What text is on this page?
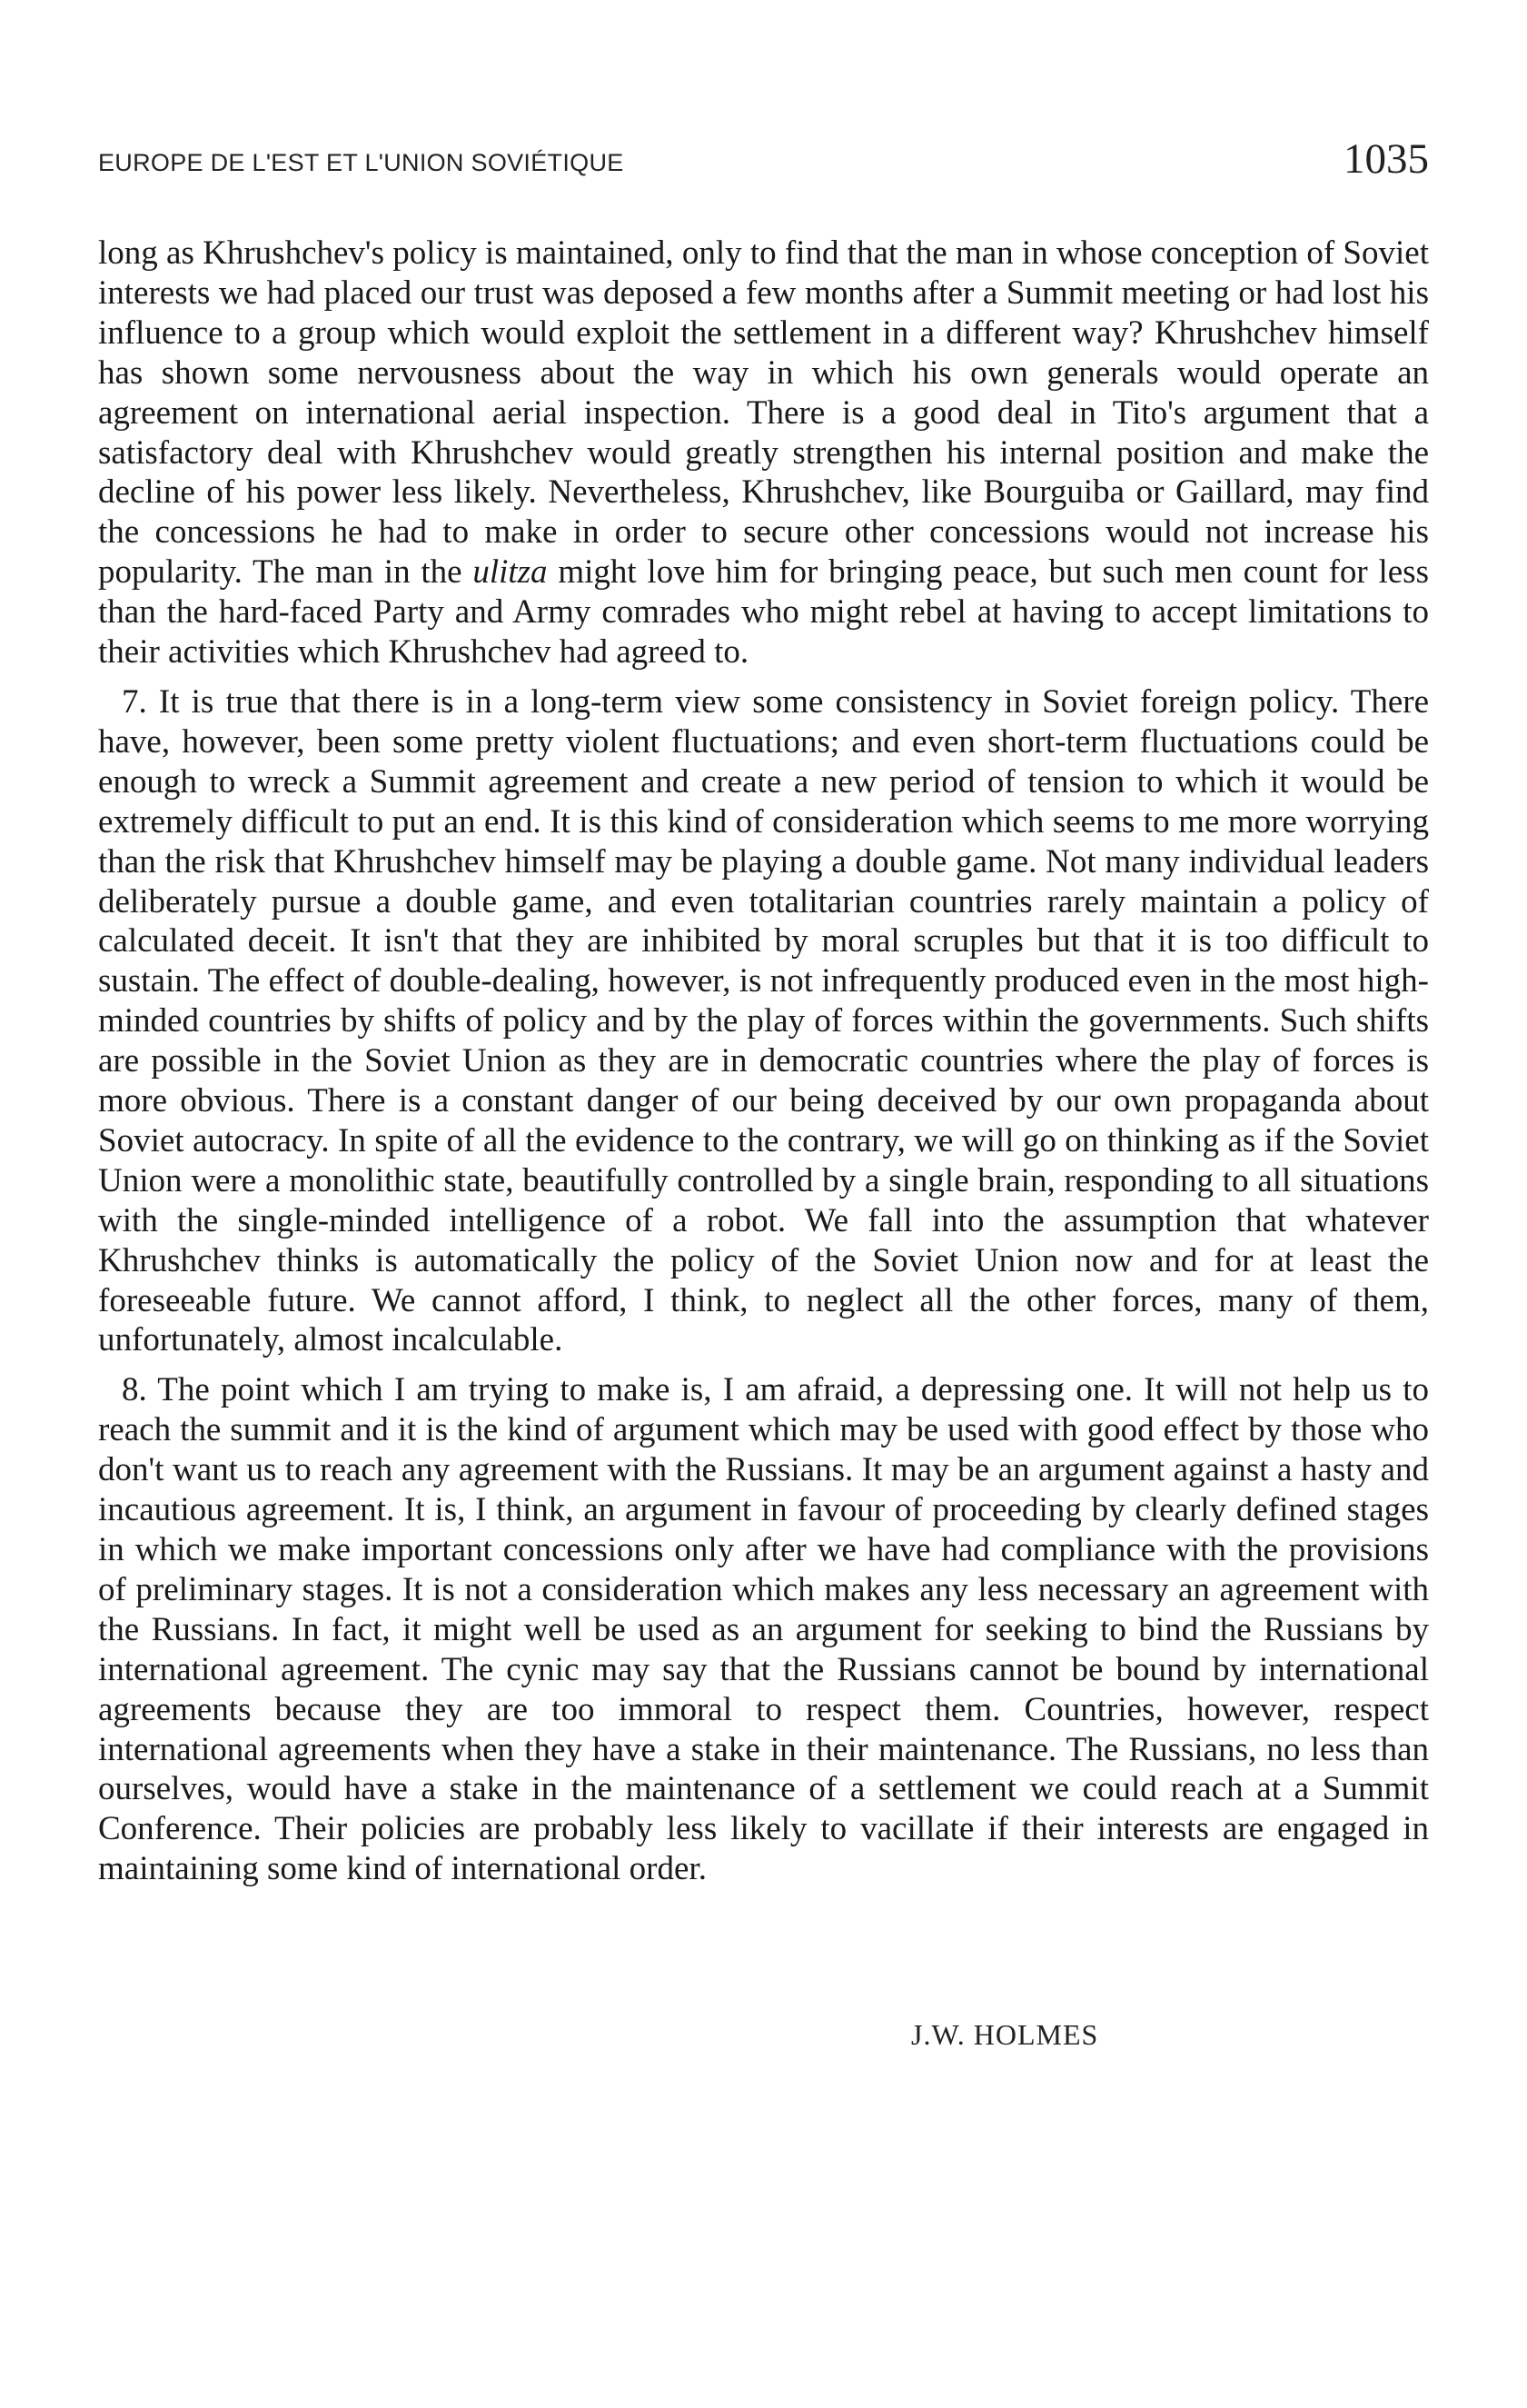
EUROPE DE L'EST ET L'UNION SOVIÉTIQUE	1035

long as Khrushchev's policy is maintained, only to find that the man in whose conception of Soviet interests we had placed our trust was deposed a few months after a Summit meeting or had lost his influence to a group which would exploit the settlement in a different way? Khrushchev himself has shown some nervousness about the way in which his own generals would operate an agreement on international aerial inspection. There is a good deal in Tito's argument that a satisfactory deal with Khrushchev would greatly strengthen his internal position and make the decline of his power less likely. Nevertheless, Khrushchev, like Bourguiba or Gaillard, may find the concessions he had to make in order to secure other concessions would not increase his popularity. The man in the ulitza might love him for bringing peace, but such men count for less than the hard-faced Party and Army comrades who might rebel at having to accept limitations to their activities which Khrushchev had agreed to.

7. It is true that there is in a long-term view some consistency in Soviet foreign policy. There have, however, been some pretty violent fluctuations; and even short-term fluctuations could be enough to wreck a Summit agreement and create a new period of tension to which it would be extremely difficult to put an end. It is this kind of consideration which seems to me more worrying than the risk that Khrushchev himself may be playing a double game. Not many individual leaders deliberately pursue a double game, and even totalitarian countries rarely maintain a policy of calculated deceit. It isn't that they are inhibited by moral scruples but that it is too difficult to sustain. The effect of double-dealing, however, is not infrequently produced even in the most high-minded countries by shifts of policy and by the play of forces within the governments. Such shifts are possible in the Soviet Union as they are in democratic countries where the play of forces is more obvious. There is a constant danger of our being deceived by our own propaganda about Soviet autocracy. In spite of all the evidence to the contrary, we will go on thinking as if the Soviet Union were a monolithic state, beautifully controlled by a single brain, responding to all situations with the single-minded intelligence of a robot. We fall into the assumption that whatever Khrushchev thinks is automatically the policy of the Soviet Union now and for at least the foreseeable future. We cannot afford, I think, to neglect all the other forces, many of them, unfortunately, almost incalculable.

8. The point which I am trying to make is, I am afraid, a depressing one. It will not help us to reach the summit and it is the kind of argument which may be used with good effect by those who don't want us to reach any agreement with the Russians. It may be an argument against a hasty and incautious agreement. It is, I think, an argument in favour of proceeding by clearly defined stages in which we make important concessions only after we have had compliance with the provisions of preliminary stages. It is not a consideration which makes any less necessary an agreement with the Russians. In fact, it might well be used as an argument for seeking to bind the Russians by international agreement. The cynic may say that the Russians cannot be bound by international agreements because they are too immoral to respect them. Countries, however, respect international agreements when they have a stake in their maintenance. The Russians, no less than ourselves, would have a stake in the maintenance of a settlement we could reach at a Summit Conference. Their policies are probably less likely to vacillate if their interests are engaged in maintaining some kind of international order.

J.W. HOLMES
